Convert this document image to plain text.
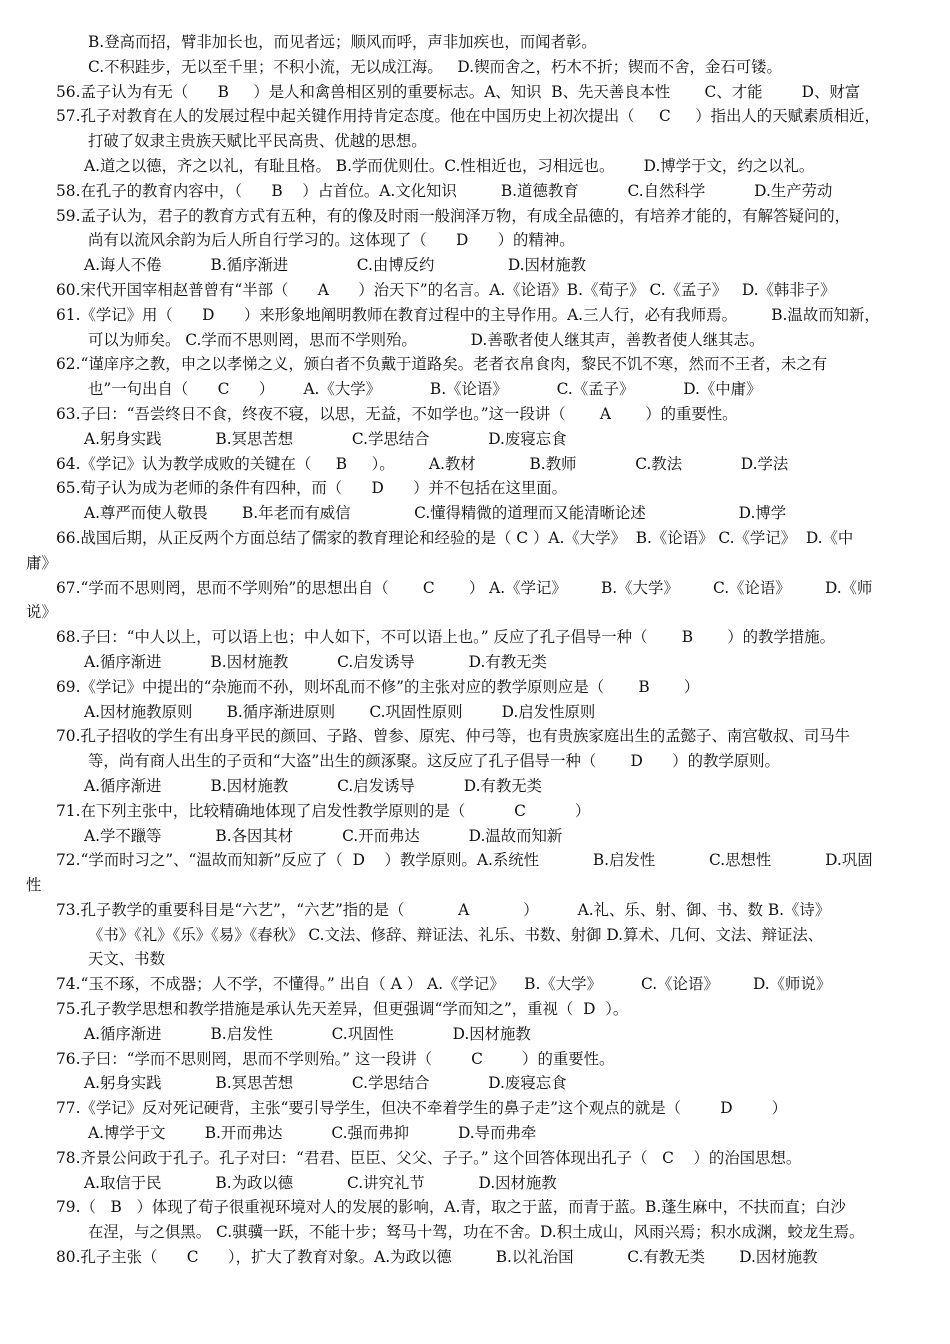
B.登高而招，臂非加长也，而见者远；顺风而呼，声非加疾也，而闻者彰。
C.不积跬步，无以至千里；不积小流，无以成江海。   D.锲而舍之，朽木不折；锲而不舍，金石可镂。
56.孟子认为有无（      B     ）是人和禽兽相区别的重要标志。A、知识  B、先天善良本性       C、才能        D、财富
57.孔子对教育在人的发展过程中起关键作用持肯定态度。他在中国历史上初次提出（     C     ）指出人的天赋素质相近，
打破了奴隶主贵族天赋比平民高贵、优越的思想。
A.道之以德，齐之以礼，有耻且格。 B.学而优则仕。C.性相近也，习相远也。      D.博学于文，约之以礼。
58.在孔子的教育内容中，（      B    ）占首位。A.文化知识         B.道德教育          C.自然科学          D.生产劳动
59.孟子认为，君子的教育方式有五种，有的像及时雨一般润泽万物，有成全品德的，有培养才能的，有解答疑问的，
尚有以流风余韵为后人所自行学习的。这体现了（      D      ）的精神。
A.诲人不倦          B.循序渐进              C.由博反约               D.因材施教
60.宋代开国宰相赵普曾有“半部（      A      ）治天下”的名言。A.《论语》B.《荀子》 C.《孟子》   D.《韩非子》
61.《学记》用（      D      ）来形象地阐明教师在教育过程中的主导作用。A.三人行，必有我师焉。       B.温故而知新，
可以为师矣。 C.学而不思则罔，思而不学则殆。           D.善歌者使人继其声，善教者使人继其志。
62.“谨庠序之教，申之以孝悌之义，颁白者不负戴于道路矣。老者衣帛食肉，黎民不饥不寒，然而不王者，未之有
也”一句出自（      C      ）      A.《大学》          B.《论语》          C.《孟子》          D.《中庸》
63.子曰：“吾尝终日不食，终夜不寝，以思，无益，不如学也。”这一段讲（       A       ）的重要性。
A.躬身实践           B.冥思苦想            C.学思结合            D.废寝忘食
64.《学记》认为教学成败的关键在（     B     ）。       A.教材           B.教师            C.教法            D.学法
65.荀子认为成为老师的条件有四种，而（      D      ）并不包括在这里面。
A.尊严而使人敬畏       B.年老而有威信             C.懂得精微的道理而又能清晰论述                   D.博学
66.战国后期，从正反两个方面总结了儒家的教育理论和经验的是（ C ）A.《大学》  B.《论语》 C.《学记》  D.《中
庸》
67.“学而不思则罔，思而不学则殆”的思想出自（       C       ） A.《学记》       B.《大学》       C.《论语》       D.《师
说》
68.子曰：“中人以上，可以语上也；中人如下，不可以语上也。” 反应了孔子倡导一种（       B       ）的教学措施。
A.循序渐进          B.因材施教          C.启发诱导           D.有教无类
69.《学记》中提出的“杂施而不孙，则坏乱而不修”的主张对应的教学原则应是（       B       ）
A.因材施教原则       B.循序渐进原则       C.巩固性原则        D.启发性原则
70.孔子招收的学生有出身平民的颜回、子路、曾参、原宪、仲弓等，也有贵族家庭出生的孟懿子、南宫敬叔、司马牛
等，尚有商人出生的子贡和“大盗”出生的颜涿聚。这反应了孔子倡导一种（       D      ）的教学原则。
A.循序渐进          B.因材施教          C.启发诱导          D.有教无类
71.在下列主张中，比较精确地体现了启发性教学原则的是（          C          ）
A.学不躐等           B.各因其材          C.开而弗达          D.温故而知新
72.“学而时习之”、“温故而知新”反应了（  D    ）教学原则。A.系统性           B.启发性           C.思想性           D.巩固
性
73.孔子教学的重要科目是“六艺”，“六艺”指的是（           A           ）        A.礼、乐、射、御、书、数 B.《诗》
《书》《礼》《乐》《易》《春秋》 C.文法、修辞、辩证法、礼乐、书数、射御 D.算术、几何、文法、辩证法、
天文、书数
74.“玉不琢，不成器；人不学，不懂得。” 出自（ A ） A.《学记》    B.《大学》        C.《论语》       D.《师说》
75.孔子教学思想和教学措施是承认先天差异，但更强调“学而知之”，重视（  D  ）。
A.循序渐进          B.启发性            C.巩固性            D.因材施教
76.子曰：“学而不思则罔，思而不学则殆。” 这一段讲（        C        ）的重要性。
A.躬身实践           B.冥思苦想            C.学思结合            D.废寝忘食
77.《学记》反对死记硬背，主张“要引导学生，但决不牵着学生的鼻子走”这个观点的就是（        D        ）
A.博学于文        B.开而弗达          C.强而弗抑          D.导而弗牵
78.齐景公问政于孔子。孔子对曰：“君君、臣臣、父父、子子。” 这个回答体现出孔子（   C    ）的治国思想。
A.取信于民           B.为政以德           C.讲究礼节           D.因材施教
79.（   B   ）体现了荀子很重视环境对人的发展的影响，A.青，取之于蓝，而青于蓝。B.蓬生麻中，不扶而直；白沙
在涅，与之俱黑。 C.骐骥一跃，不能十步；驽马十驾，功在不舍。D.积土成山，风雨兴焉；积水成渊，蛟龙生焉。
80.孔子主张（      C      ），扩大了教育对象。A.为政以德         B.以礼治国           C.有教无类       D.因材施教
